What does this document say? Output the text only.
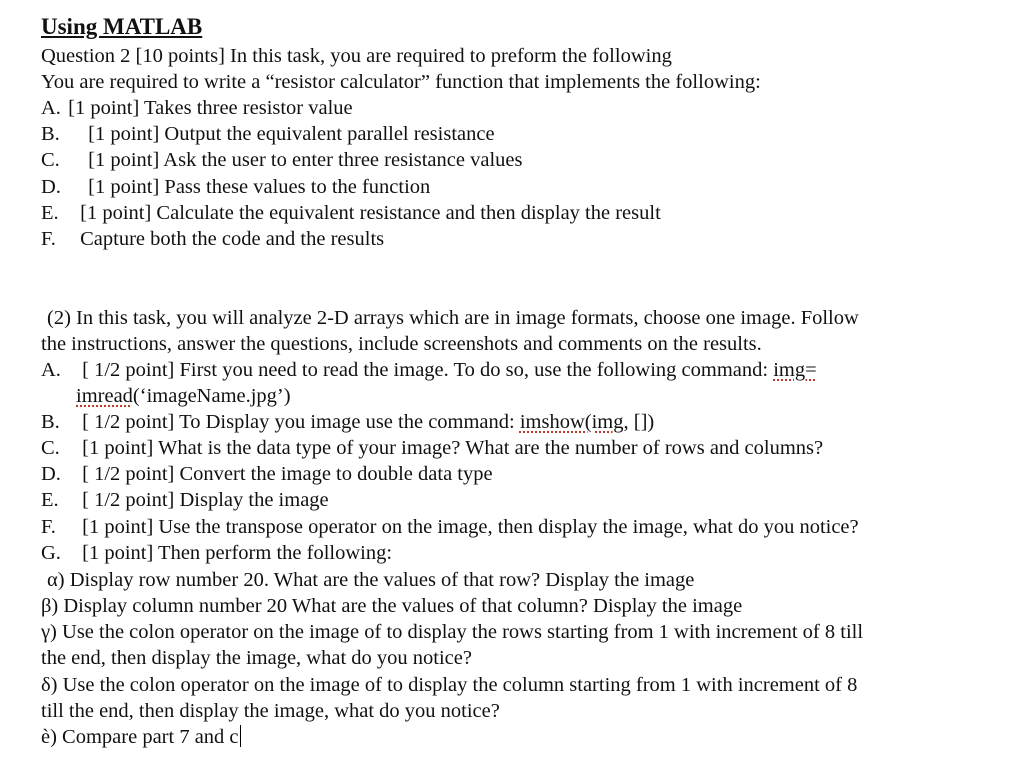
Using MATLAB
Question 2 [10 points] In this task, you are required to preform the following
You are required to write a “resistor calculator” function that implements the following:
A. [1 point] Takes three resistor value
B. [1 point] Output the equivalent parallel resistance
C. [1 point] Ask the user to enter three resistance values
D. [1 point] Pass these values to the function
E. [1 point] Calculate the equivalent resistance and then display the result
F. Capture both the code and the results
(2) In this task, you will analyze 2-D arrays which are in image formats, choose one image. Follow
the instructions, answer the questions, include screenshots and comments on the results.
A. [ 1/2 point] First you need to read the image. To do so, use the following command: img=
imread(‘imageName.jpg’)
B. [ 1/2 point] To Display you image use the command: imshow(img, [])
C. [1 point] What is the data type of your image? What are the number of rows and columns?
D. [ 1/2 point] Convert the image to double data type
E. [ 1/2 point] Display the image
F. [1 point] Use the transpose operator on the image, then display the image, what do you notice?
G. [1 point] Then perform the following:
α) Display row number 20. What are the values of that row? Display the image
β) Display column number 20 What are the values of that column? Display the image
γ) Use the colon operator on the image of to display the rows starting from 1 with increment of 8 till
the end, then display the image, what do you notice?
δ) Use the colon operator on the image of to display the column starting from 1 with increment of 8
till the end, then display the image, what do you notice?
è) Compare part 7 and c
